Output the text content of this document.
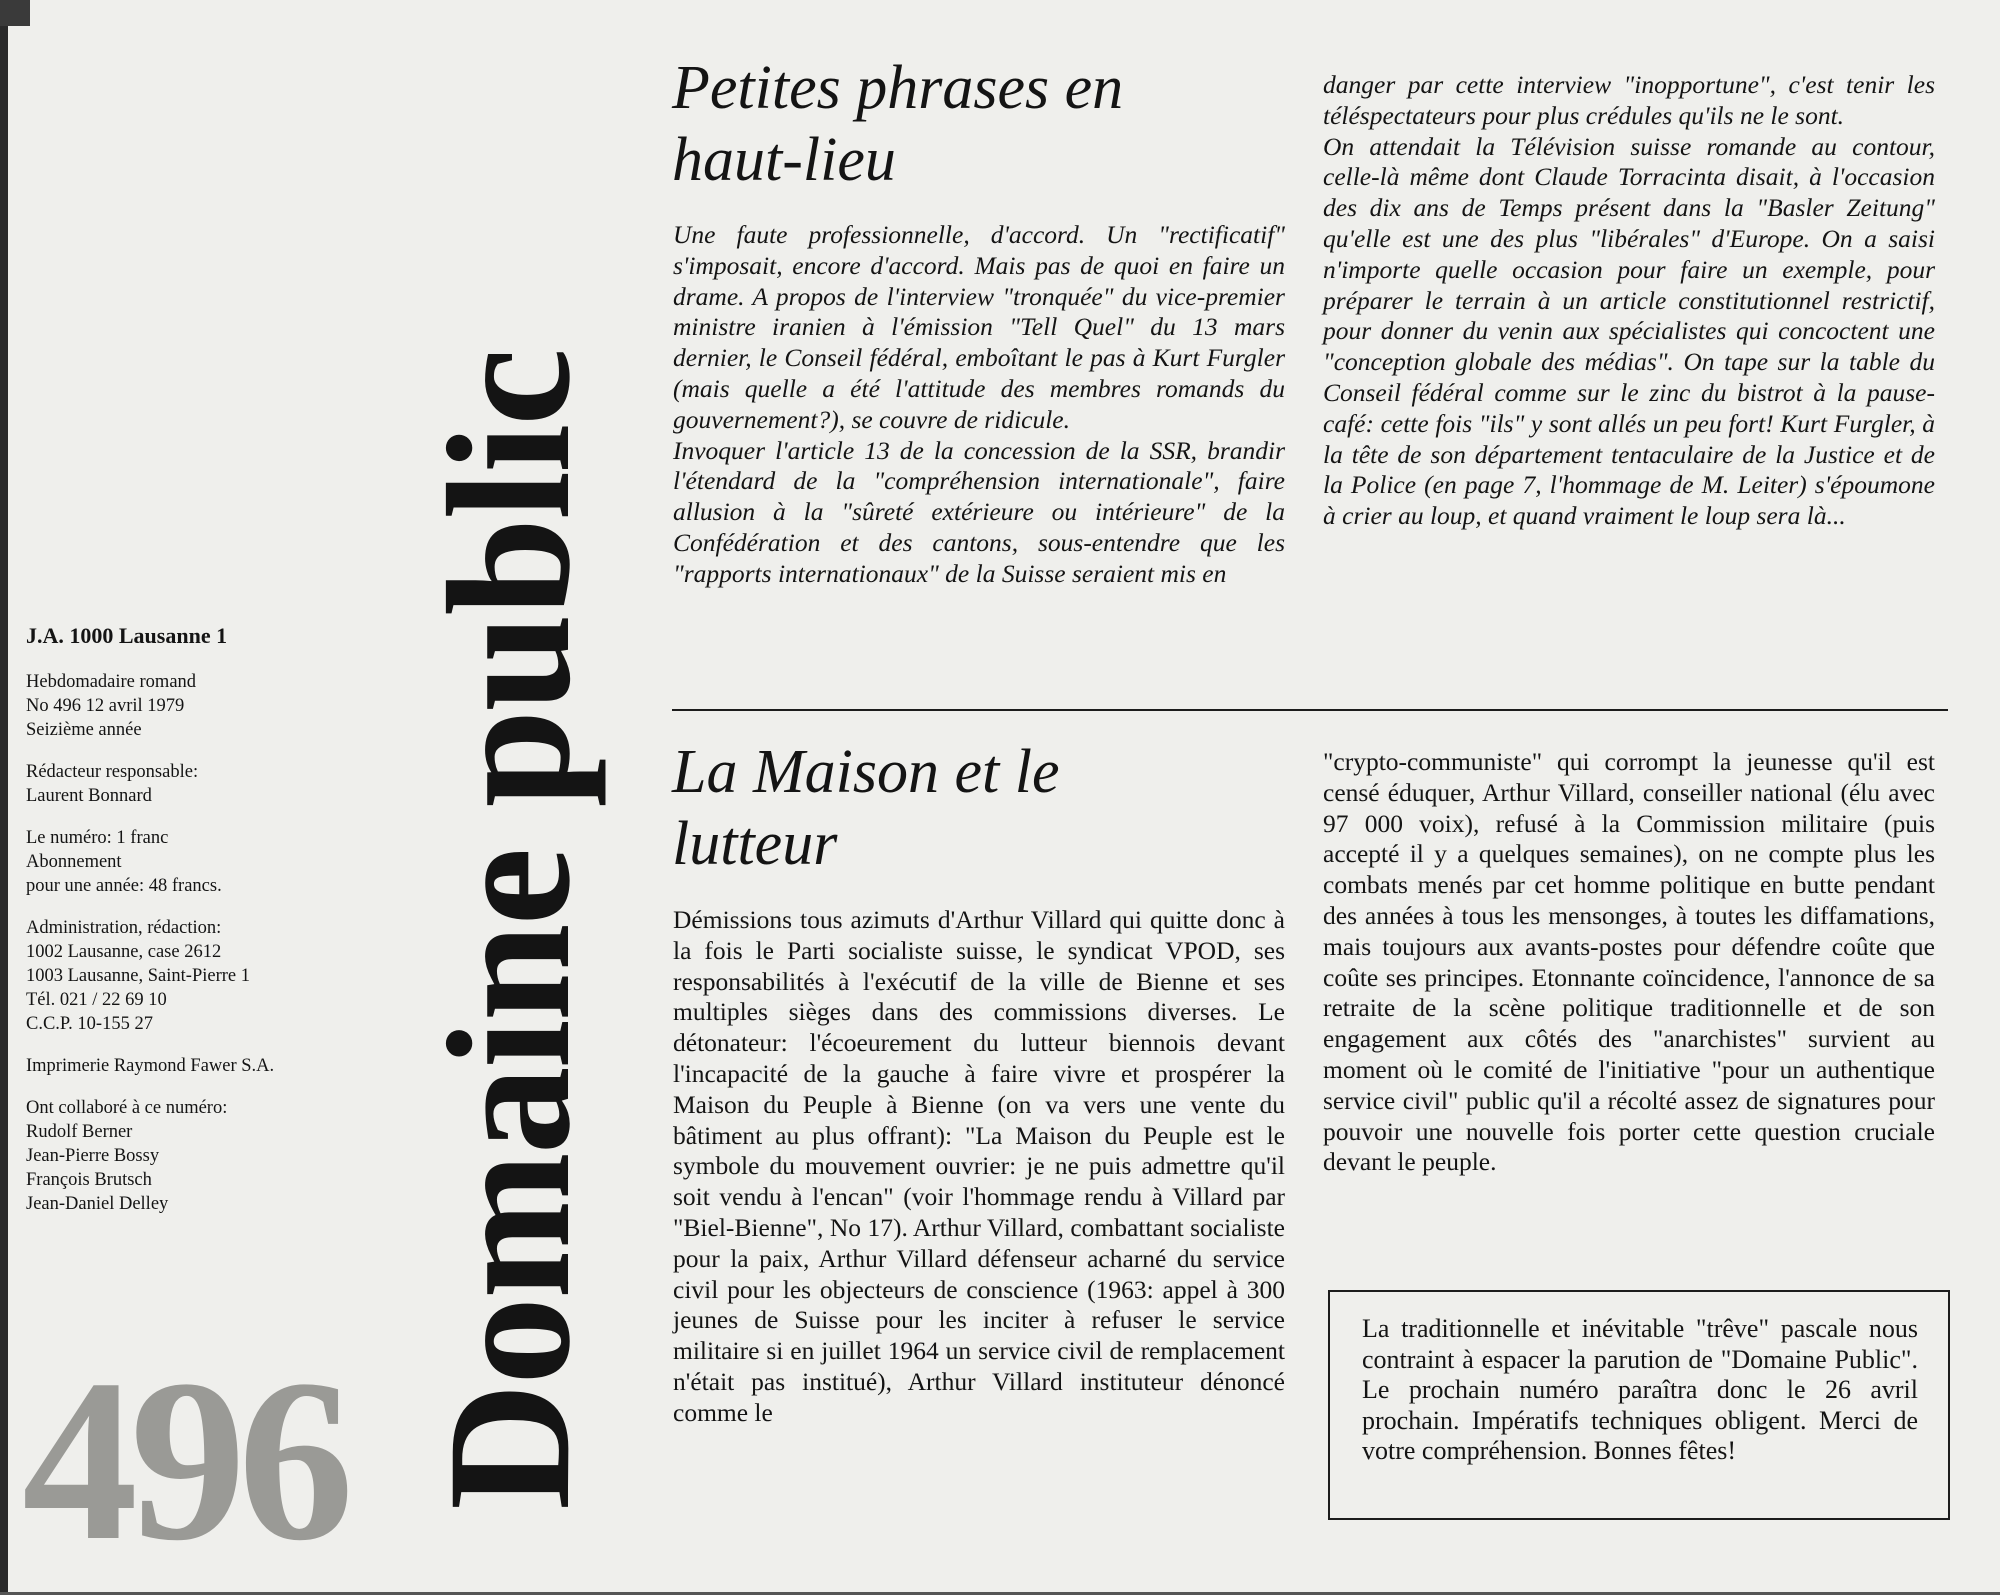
J.A. 1000 Lausanne 1
Hebdomadaire romand
No 496 12 avril 1979
Seizième année
Rédacteur responsable:
Laurent Bonnard
Le numéro: 1 franc
Abonnement
pour une année: 48 francs.
Administration, rédaction:
1002 Lausanne, case 2612
1003 Lausanne, Saint-Pierre 1
Tél. 021 / 22 69 10
C.C.P. 10-155 27
Imprimerie Raymond Fawer S.A.
Ont collaboré à ce numéro:
Rudolf Berner
Jean-Pierre Bossy
François Brutsch
Jean-Daniel Delley
496 Domaine public
Petites phrases en haut-lieu
Une faute professionnelle, d'accord. Un "rectificatif" s'imposait, encore d'accord. Mais pas de quoi en faire un drame. A propos de l'interview "tronquée" du vice-premier ministre iranien à l'émission "Tell Quel" du 13 mars dernier, le Conseil fédéral, emboîtant le pas à Kurt Furgler (mais quelle a été l'attitude des membres romands du gouvernement?), se couvre de ridicule.
Invoquer l'article 13 de la concession de la SSR, brandir l'étendard de la "compréhension internationale", faire allusion à la "sûreté extérieure ou intérieure" de la Confédération et des cantons, sous-entendre que les "rapports internationaux" de la Suisse seraient mis en
danger par cette interview "inopportune", c'est tenir les téléspectateurs pour plus crédules qu'ils ne le sont.
On attendait la Télévision suisse romande au contour, celle-là même dont Claude Torracinta disait, à l'occasion des dix ans de Temps présent dans la "Basler Zeitung" qu'elle est une des plus "libérales" d'Europe. On a saisi n'importe quelle occasion pour faire un exemple, pour préparer le terrain à un article constitutionnel restrictif, pour donner du venin aux spécialistes qui concoctent une "conception globale des médias". On tape sur la table du Conseil fédéral comme sur le zinc du bistrot à la pause-café: cette fois "ils" y sont allés un peu fort! Kurt Furgler, à la tête de son département tentaculaire de la Justice et de la Police (en page 7, l'hommage de M. Leiter) s'époumone à crier au loup, et quand vraiment le loup sera là...
La Maison et le lutteur
Démissions tous azimuts d'Arthur Villard qui quitte donc à la fois le Parti socialiste suisse, le syndicat VPOD, ses responsabilités à l'exécutif de la ville de Bienne et ses multiples sièges dans des commissions diverses. Le détonateur: l'écoeurement du lutteur biennois devant l'incapacité de la gauche à faire vivre et prospérer la Maison du Peuple à Bienne (on va vers une vente du bâtiment au plus offrant): "La Maison du Peuple est le symbole du mouvement ouvrier: je ne puis admettre qu'il soit vendu à l'encan" (voir l'hommage rendu à Villard par "Biel-Bienne", No 17). Arthur Villard, combattant socialiste pour la paix, Arthur Villard défenseur acharné du service civil pour les objecteurs de conscience (1963: appel à 300 jeunes de Suisse pour les inciter à refuser le service militaire si en juillet 1964 un service civil de remplacement n'était pas institué), Arthur Villard instituteur dénoncé comme le
"crypto-communiste" qui corrompt la jeunesse qu'il est censé éduquer, Arthur Villard, conseiller national (élu avec 97 000 voix), refusé à la Commission militaire (puis accepté il y a quelques semaines), on ne compte plus les combats menés par cet homme politique en butte pendant des années à tous les mensonges, à toutes les diffamations, mais toujours aux avants-postes pour défendre coûte que coûte ses principes. Etonnante coïncidence, l'annonce de sa retraite de la scène politique traditionnelle et de son engagement aux côtés des "anarchistes" survient au moment où le comité de l'initiative "pour un authentique service civil" public qu'il a récolté assez de signatures pour pouvoir une nouvelle fois porter cette question cruciale devant le peuple.
La traditionnelle et inévitable "trêve" pascale nous contraint à espacer la parution de "Domaine Public". Le prochain numéro paraîtra donc le 26 avril prochain. Impératifs techniques obligent. Merci de votre compréhension. Bonnes fêtes!
